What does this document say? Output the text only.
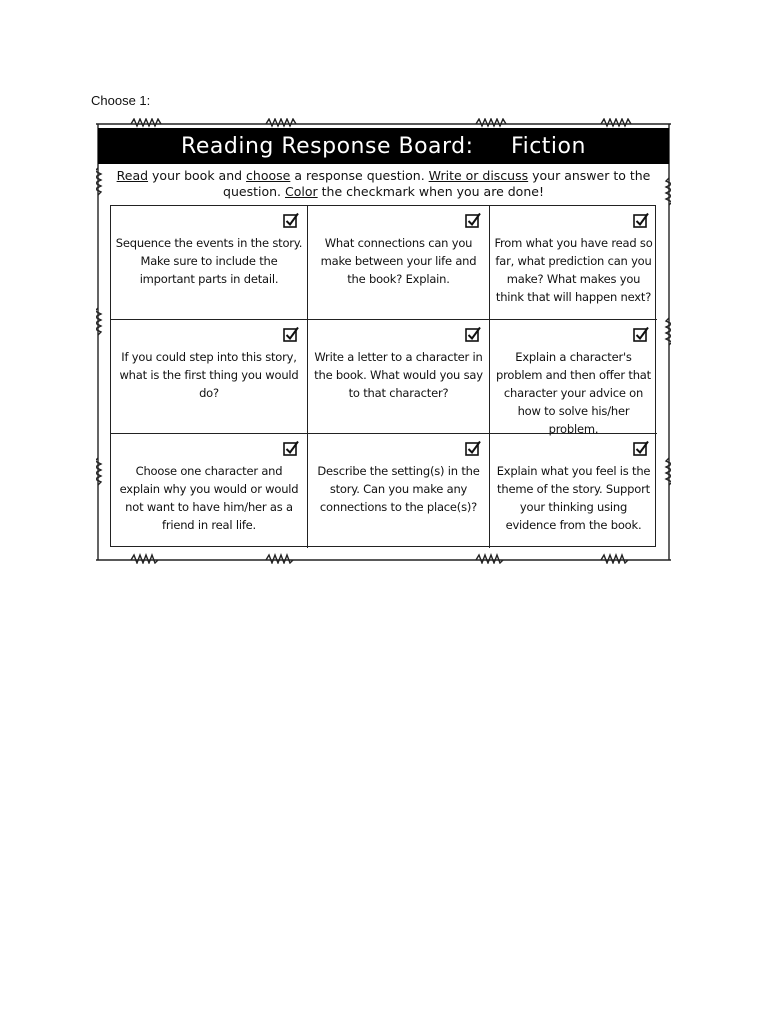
Choose 1:
Reading Response Board:
Fiction
Read your book and choose a response question. Write or discuss your answer to the question. Color the checkmark when you are done!
Sequence the events in the story. Make sure to include the important parts in detail.
What connections can you make between your life and the book? Explain.
From what you have read so far, what prediction can you make? What makes you think that will happen next?
If you could step into this story, what is the first thing you would do?
Write a letter to a character in the book. What would you say to that character?
Explain a character's problem and then offer that character your advice on how to solve his/her problem.
Choose one character and explain why you would or would not want to have him/her as a friend in real life.
Describe the setting(s) in the story. Can you make any connections to the place(s)?
Explain what you feel is the theme of the story. Support your thinking using evidence from the book.
